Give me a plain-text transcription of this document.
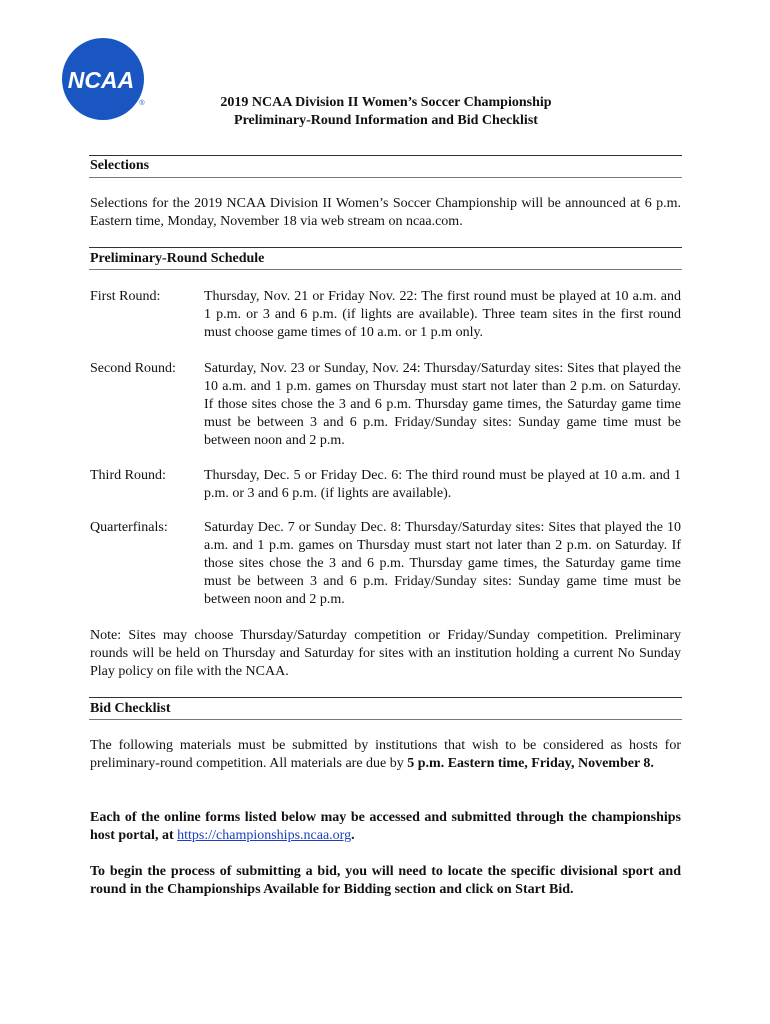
NCAA
®	2019 NCAA Division II Women’s Soccer Championship
Preliminary-Round Information and Bid Checklist
Selections
Selections for the 2019 NCAA Division II Women’s Soccer Championship will be announced at 6 p.m. Eastern time, Monday, November 18 via web stream on ncaa.com.
Preliminary-Round Schedule
First Round:	Thursday, Nov. 21 or Friday Nov. 22: The first round must be played at 10 a.m. and 1 p.m. or 3 and 6 p.m. (if lights are available). Three team sites in the first round must choose game times of 10 a.m. or 1 p.m only.
Second Round: Saturday, Nov. 23 or Sunday, Nov. 24: Thursday/Saturday sites: Sites that played the 10 a.m. and 1 p.m. games on Thursday must start not later than 2 p.m. on Saturday. If those sites chose the 3 and 6 p.m. Thursday game times, the Saturday game time must be between 3 and 6 p.m. Friday/Sunday sites: Sunday game time must be between noon and 2 p.m.
Third Round:	Thursday, Dec. 5 or Friday Dec. 6: The third round must be played at 10 a.m. and 1 p.m. or 3 and 6 p.m. (if lights are available).
Quarterfinals:	Saturday Dec. 7 or Sunday Dec. 8: Thursday/Saturday sites: Sites that played the 10 a.m. and 1 p.m. games on Thursday must start not later than 2 p.m. on Saturday. If those sites chose the 3 and 6 p.m. Thursday game times, the Saturday game time must be between 3 and 6 p.m. Friday/Sunday sites: Sunday game time must be between noon and 2 p.m.
Note: Sites may choose Thursday/Saturday competition or Friday/Sunday competition. Preliminary rounds will be held on Thursday and Saturday for sites with an institution holding a current No Sunday Play policy on file with the NCAA.
Bid Checklist
The following materials must be submitted by institutions that wish to be considered as hosts for preliminary-round competition. All materials are due by 5 p.m. Eastern time, Friday, November 8.
Each of the online forms listed below may be accessed and submitted through the championships host portal, at https://championships.ncaa.org.
To begin the process of submitting a bid, you will need to locate the specific divisional sport and round in the Championships Available for Bidding section and click on Start Bid.
